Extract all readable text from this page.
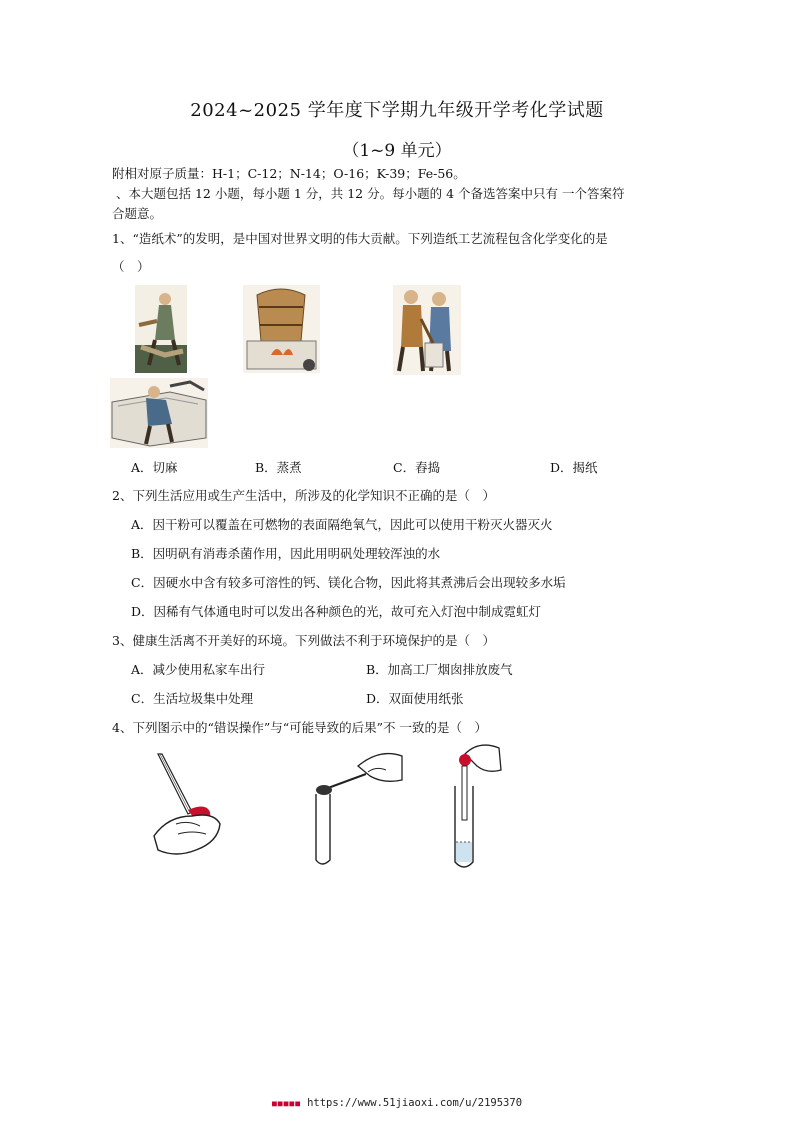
2024~2025 学年度下学期九年级开学考化学试题
（1~9 单元）
附相对原子质量：H-1；C-12；N-14；O-16；K-39；Fe-56。
、本大题包括 12 小题，每小题 1 分，共 12 分。每小题的 4 个备选答案中只有 一个答案符
合题意。
1、“造纸术”的发明，是中国对世界文明的伟大贡献。下列造纸工艺流程包含化学变化的是
（　）
A．切麻	B．蒸煮	C．舂捣	D．揭纸
2、下列生活应用或生产生活中，所涉及的化学知识不正确的是（　）
A．因干粉可以覆盖在可燃物的表面隔绝氧气，因此可以使用干粉灭火器灭火
B．因明矾有消毒杀菌作用，因此用明矾处理较浑浊的水
C．因硬水中含有较多可溶性的钙、镁化合物，因此将其煮沸后会出现较多水垢
D．因稀有气体通电时可以发出各种颜色的光，故可充入灯泡中制成霓虹灯
3、健康生活离不开美好的环境。下列做法不利于环境保护的是（　）
A．减少使用私家车出行	B．加高工厂烟囱排放废气
C．生活垃圾集中处理	D．双面使用纸张
4、下列图示中的“错误操作”与“可能导致的后果”不 一致的是（　）
■■■■■ https://www.51jiaoxi.com/u/2195370
